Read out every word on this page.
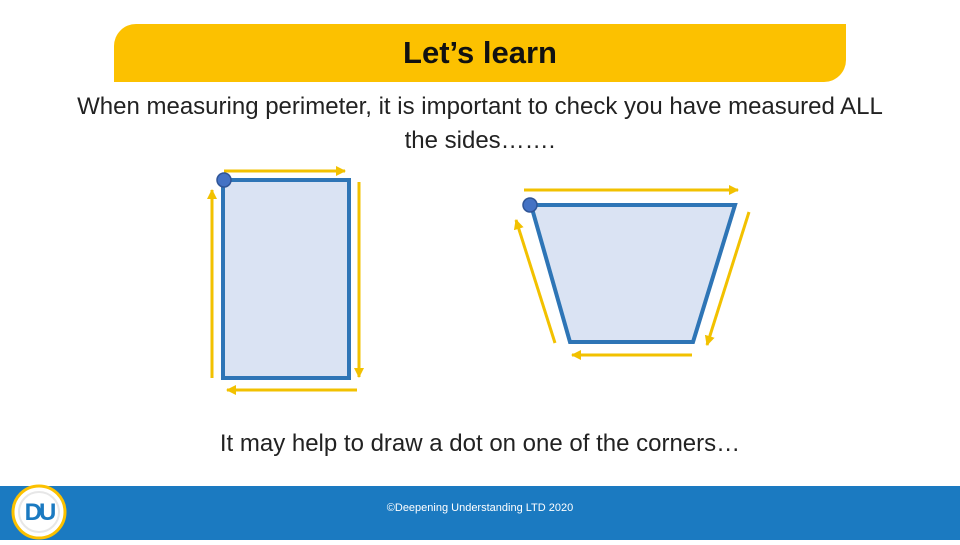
Let’s learn
When measuring perimeter, it is important to check you have measured ALL the sides…….
It may help to draw a dot on one of the corners…
DU	©Deepening Understanding LTD 2020
